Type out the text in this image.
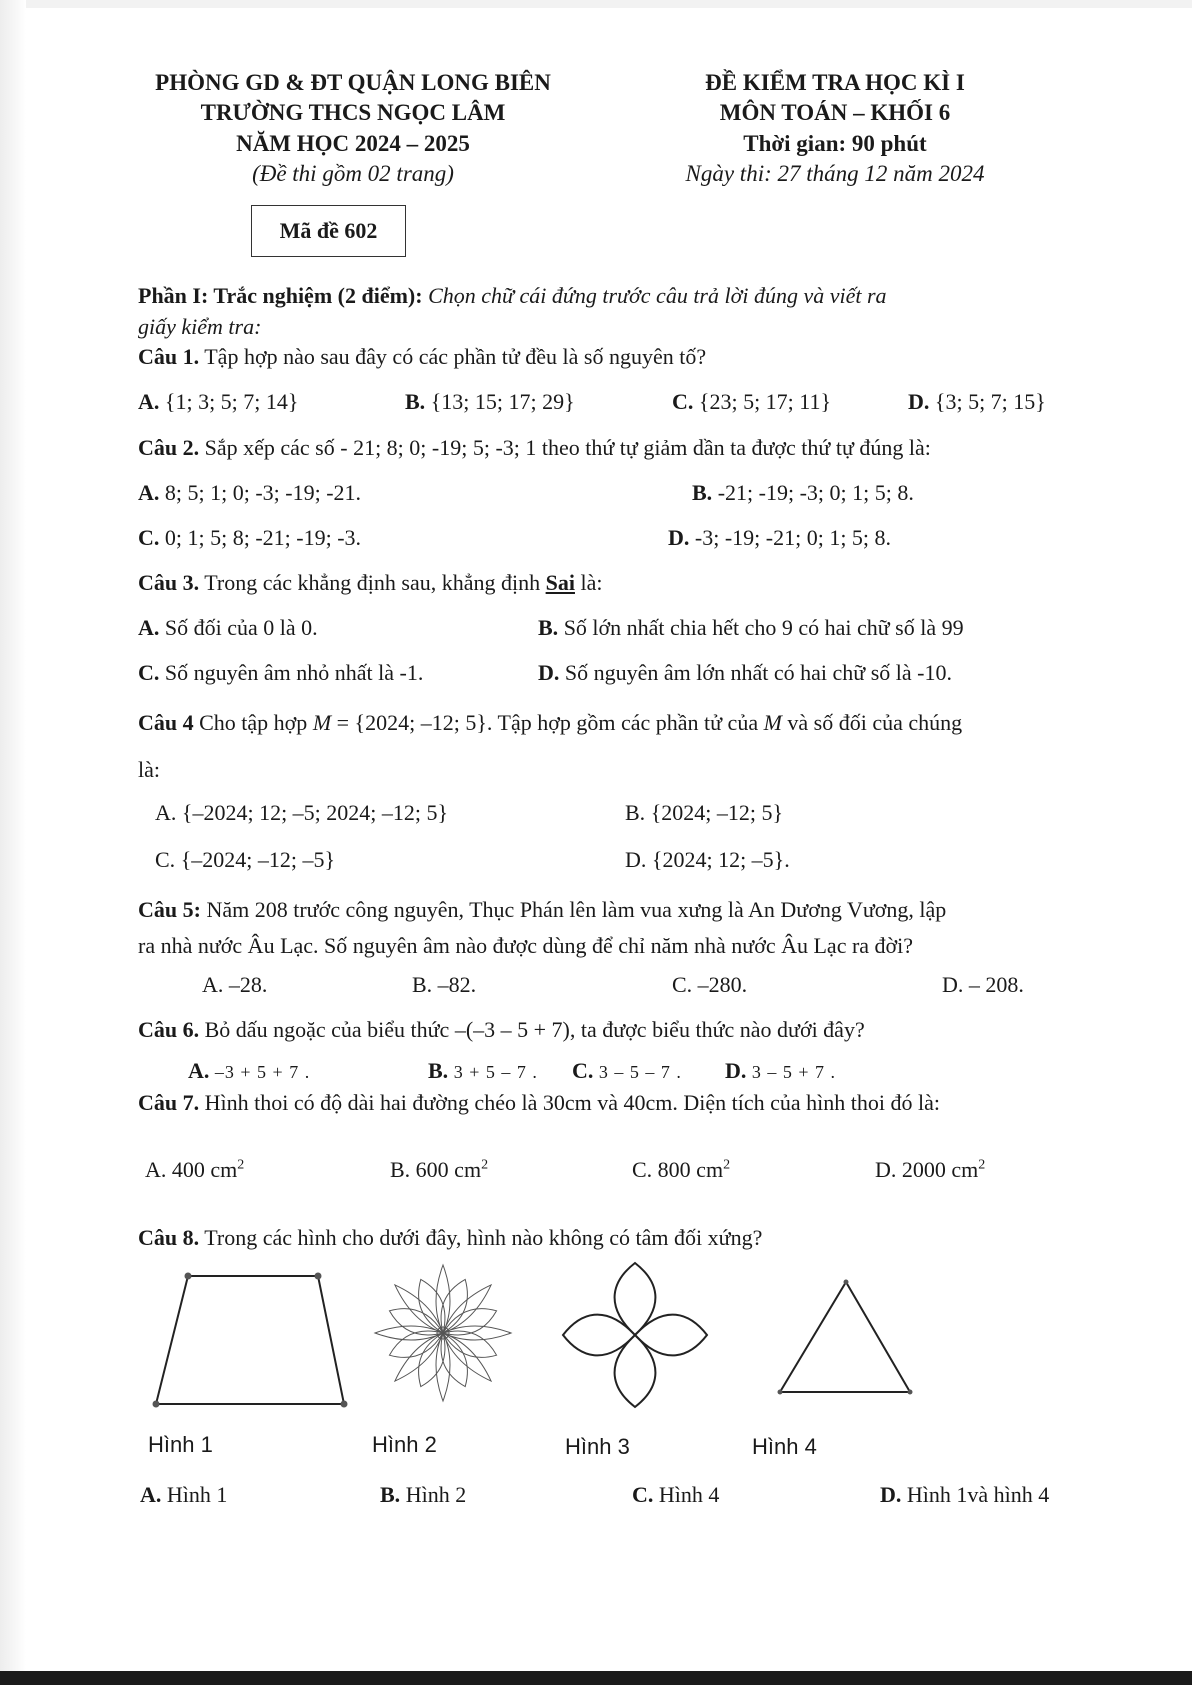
PHÒNG GD & ĐT QUẬN LONG BIÊN
TRƯỜNG THCS NGỌC LÂM
NĂM HỌC 2024 – 2025
(Đề thi gồm 02 trang)
ĐỀ KIỂM TRA HỌC KÌ I
MÔN TOÁN – KHỐI 6
Thời gian: 90 phút
Ngày thi: 27 tháng 12 năm 2024
Mã đề 602
Phần I: Trắc nghiệm (2 điểm): Chọn chữ cái đứng trước câu trả lời đúng và viết ra
giấy kiểm tra:
Câu 1. Tập hợp nào sau đây có các phần tử đều là số nguyên tố?
A. {1; 3; 5; 7; 14}	B. {13; 15; 17; 29}	C. {23; 5; 17; 11}	D. {3; 5; 7; 15}
Câu 2. Sắp xếp các số - 21; 8; 0; -19; 5; -3; 1 theo thứ tự giảm dần ta được thứ tự đúng là:
A. 8; 5; 1; 0; -3; -19; -21.	B. -21; -19; -3; 0; 1; 5; 8.
C. 0; 1; 5; 8; -21; -19; -3.	D. -3; -19; -21; 0; 1; 5; 8.
Câu 3. Trong các khẳng định sau, khẳng định Sai là:
A. Số đối của 0 là 0.	B. Số lớn nhất chia hết cho 9 có hai chữ số là 99
C. Số nguyên âm nhỏ nhất là -1.	D. Số nguyên âm lớn nhất có hai chữ số là -10.
Câu 4 Cho tập hợp M = {2024; –12; 5}. Tập hợp gồm các phần tử của M và số đối của chúng
là:
A. {–2024; 12; –5; 2024; –12; 5}	B. {2024; –12; 5}
C. {–2024; –12; –5}	D. {2024; 12; –5}.
Câu 5: Năm 208 trước công nguyên, Thục Phán lên làm vua xưng là An Dương Vương, lập
ra nhà nước Âu Lạc. Số nguyên âm nào được dùng để chỉ năm nhà nước Âu Lạc ra đời?
A. –28.	B. –82.	C. –280.	D. – 208.
Câu 6. Bỏ dấu ngoặc của biểu thức –(–3 – 5 + 7), ta được biểu thức nào dưới đây?
A. –3 + 5 + 7 .	B. 3 + 5 – 7 . C. 3 – 5 – 7 . D. 3 – 5 + 7 .
Câu 7. Hình thoi có độ dài hai đường chéo là 30cm và 40cm. Diện tích của hình thoi đó là:
A. 400 $cm^2$	B. 600 $cm^2$	C. 800 $cm^2$	D. 2000 $cm^2$
Câu 8. Trong các hình cho dưới đây, hình nào không có tâm đối xứng?
Hình 1	Hình 2	Hình 3	Hình 4
A. Hình 1	B. Hình 2	C. Hình 4	D. Hình 1và hình 4
